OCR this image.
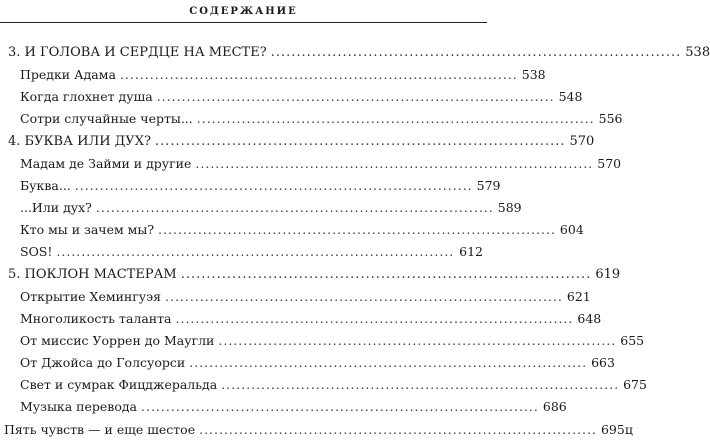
СОДЕРЖАНИЕ
3. И ГОЛОВА И СЕРДЦЕ НА МЕСТЕ? ................................................................................ 538
Предки Адама ................................................................................ 538
Когда глохнет душа ................................................................................ 548
Сотри случайные черты... ................................................................................ 556
4. БУКВА ИЛИ ДУХ? ................................................................................ 570
Мадам де Займи и другие ................................................................................ 570
Буква... ................................................................................ 579
...Или дух? ................................................................................ 589
Кто мы и зачем мы? ................................................................................ 604
SOS! ................................................................................ 612
5. ПОКЛОН МАСТЕРАМ ................................................................................ 619
Открытие Хемингуэя ................................................................................ 621
Многоликость таланта ................................................................................ 648
От миссис Уоррен до Маугли ................................................................................ 655
От Джойса до Голсуорси ................................................................................ 663
Свет и сумрак Фицджеральда ................................................................................ 675
Музыка перевода ................................................................................ 686
Пять чувств — и еще шестое ................................................................................ 695ц
